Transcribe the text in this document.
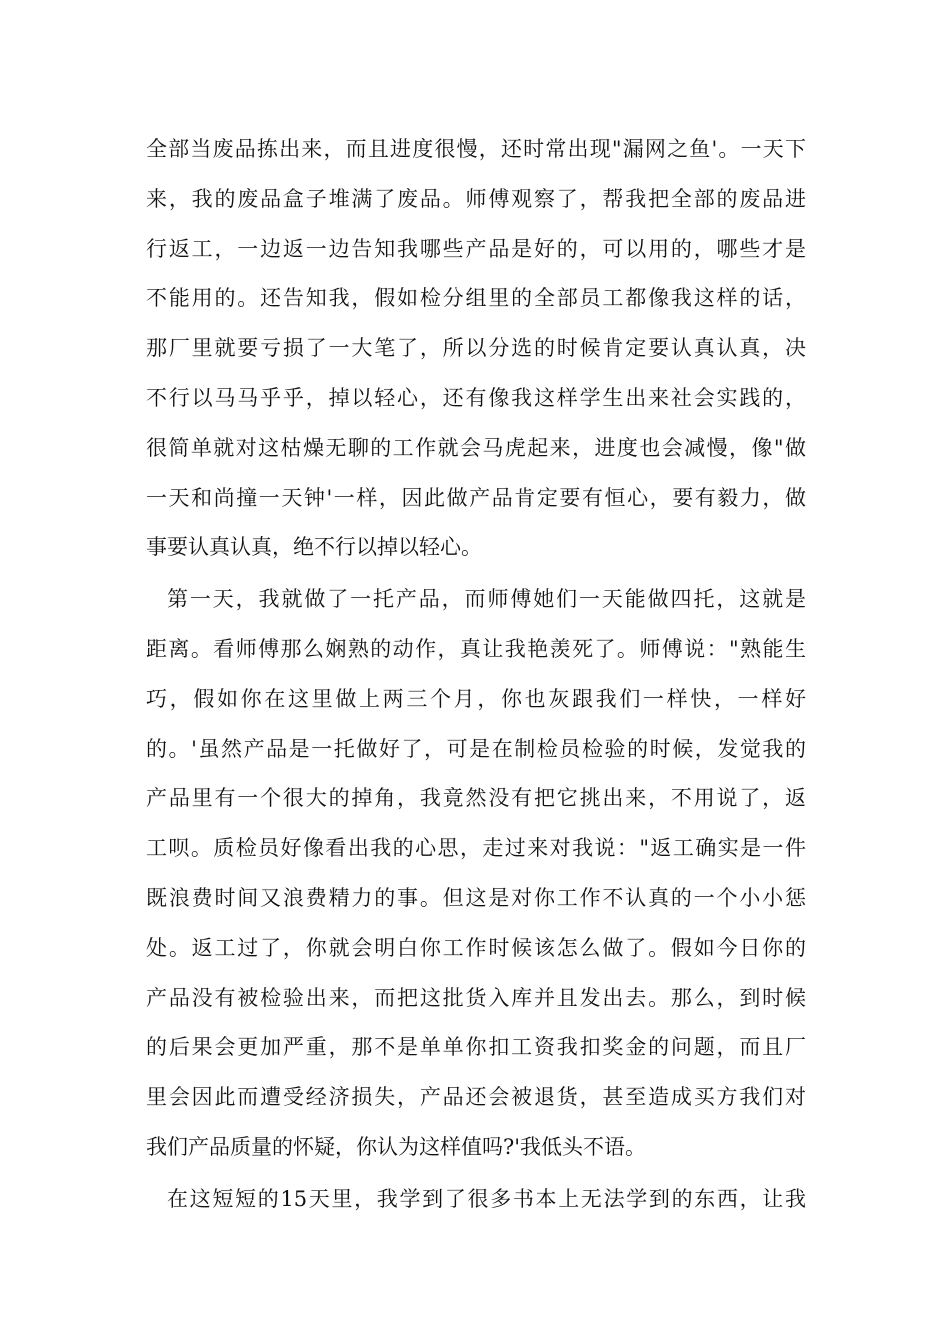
全部当废品拣出来，而且进度很慢，还时常出现"漏网之鱼'。一天下
来，我的废品盒子堆满了废品。师傅观察了，帮我把全部的废品进
行返工，一边返一边告知我哪些产品是好的，可以用的，哪些才是
不能用的。还告知我，假如检分组里的全部员工都像我这样的话，
那厂里就要亏损了一大笔了，所以分选的时候肯定要认真认真，决
不行以马马乎乎，掉以轻心，还有像我这样学生出来社会实践的，
很简单就对这枯燥无聊的工作就会马虎起来，进度也会减慢，像"做
一天和尚撞一天钟'一样，因此做产品肯定要有恒心，要有毅力，做
事要认真认真，绝不行以掉以轻心。
第一天，我就做了一托产品，而师傅她们一天能做四托，这就是
距离。看师傅那么娴熟的动作，真让我艳羡死了。师傅说："熟能生
巧，假如你在这里做上两三个月，你也灰跟我们一样快，一样好
的。'虽然产品是一托做好了，可是在制检员检验的时候，发觉我的
产品里有一个很大的掉角，我竟然没有把它挑出来，不用说了，返
工呗。质检员好像看出我的心思，走过来对我说："返工确实是一件
既浪费时间又浪费精力的事。但这是对你工作不认真的一个小小惩
处。返工过了，你就会明白你工作时候该怎么做了。假如今日你的
产品没有被检验出来，而把这批货入库并且发出去。那么，到时候
的后果会更加严重，那不是单单你扣工资我扣奖金的问题，而且厂
里会因此而遭受经济损失，产品还会被退货，甚至造成买方我们对
我们产品质量的怀疑，你认为这样值吗?'我低头不语。
在这短短的15天里，我学到了很多书本上无法学到的东西，让我
